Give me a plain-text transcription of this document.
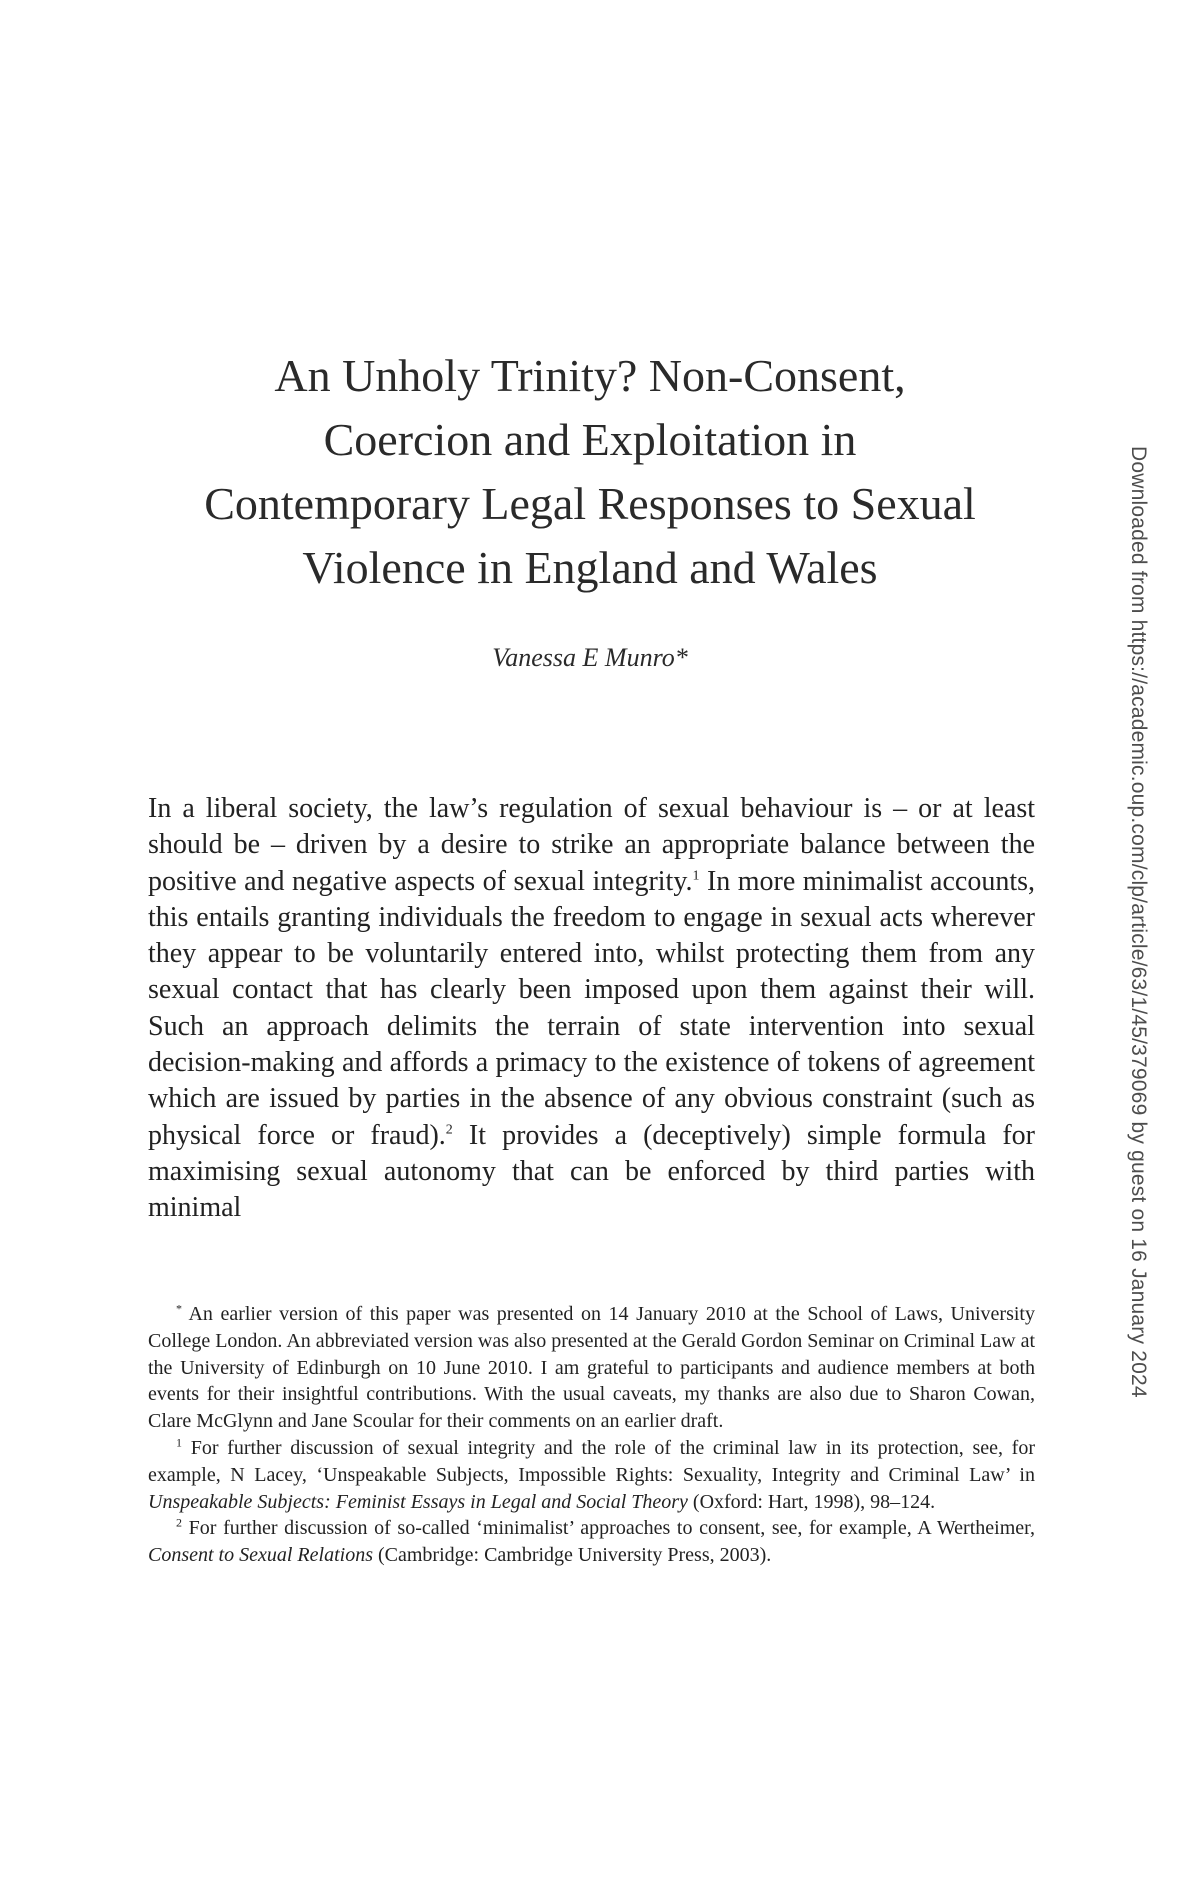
An Unholy Trinity? Non-Consent,
Coercion and Exploitation in
Contemporary Legal Responses to Sexual
Violence in England and Wales
Vanessa E Munro*

In a liberal society, the law’s regulation of sexual behaviour is – or at least should be – driven by a desire to strike an appropriate balance between the positive and negative aspects of sexual integrity.$^1$ In more minimalist accounts, this entails granting individuals the freedom to engage in sexual acts wherever they appear to be voluntarily entered into, whilst protecting them from any sexual contact that has clearly been imposed upon them against their will. Such an approach delimits the terrain of state intervention into sexual decision-making and affords a primacy to the existence of tokens of agreement which are issued by parties in the absence of any obvious constraint (such as physical force or fraud).$^2$ It provides a (deceptively) simple formula for maximising sexual autonomy that can be enforced by third parties with minimal

* An earlier version of this paper was presented on 14 January 2010 at the School of Laws, University College London. An abbreviated version was also presented at the Gerald Gordon Seminar on Criminal Law at the University of Edinburgh on 10 June 2010. I am grateful to participants and audience members at both events for their insightful contributions. With the usual caveats, my thanks are also due to Sharon Cowan, Clare McGlynn and Jane Scoular for their comments on an earlier draft.

$^1$ For further discussion of sexual integrity and the role of the criminal law in its protection, see, for example, N Lacey, ‘Unspeakable Subjects, Impossible Rights: Sexuality, Integrity and Criminal Law’ in Unspeakable Subjects: Feminist Essays in Legal and Social Theory (Oxford: Hart, 1998), 98–124.

$^2$ For further discussion of so-called ‘minimalist’ approaches to consent, see, for example, A Wertheimer, Consent to Sexual Relations (Cambridge: Cambridge University Press, 2003).

Downloaded from https://academic.oup.com/clp/article/63/1/45/379069 by guest on 16 January 2024
